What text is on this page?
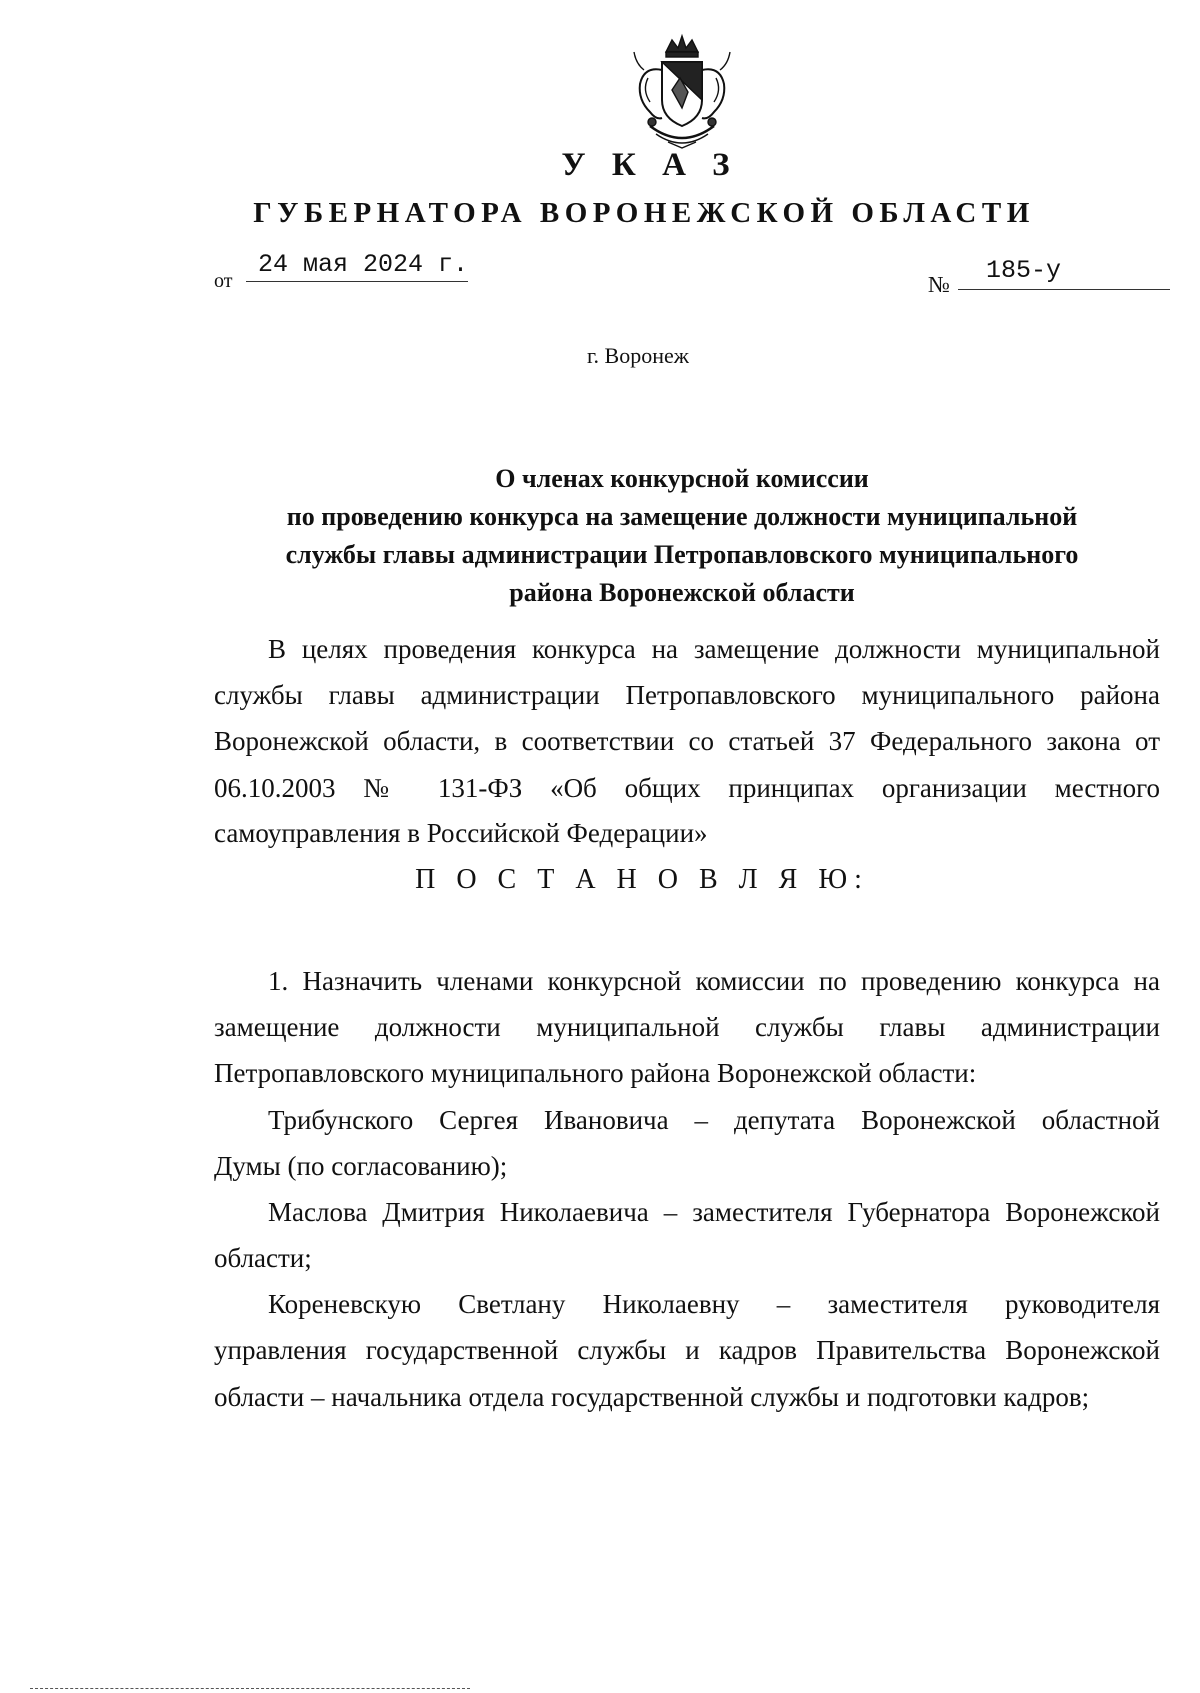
У К А З
ГУБЕРНАТОРА ВОРОНЕЖСКОЙ ОБЛАСТИ
от
24 мая 2024 г.
№	185-у
г. Воронеж
О членах конкурсной комиссии
по проведению конкурса на замещение должности муниципальной
службы главы администрации Петропавловского муниципального
района Воронежской области
В целях проведения конкурса на замещение должности муниципальной
службы главы администрации Петропавловского муниципального района
Воронежской области, в соответствии со статьей 37 Федерального закона от
06.10.2003 № 131-ФЗ «Об общих принципах организации местного
самоуправления в Российской Федерации»
П О С Т А Н О В Л Я Ю:
1. Назначить членами конкурсной комиссии по проведению конкурса на
замещение должности муниципальной службы главы администрации
Петропавловского муниципального района Воронежской области:
Трибунского Сергея Ивановича – депутата Воронежской областной
Думы (по согласованию);
Маслова Дмитрия Николаевича – заместителя Губернатора Воронежской
области;
Кореневскую Светлану Николаевну – заместителя руководителя
управления государственной службы и кадров Правительства Воронежской
области – начальника отдела государственной службы и подготовки кадров;
